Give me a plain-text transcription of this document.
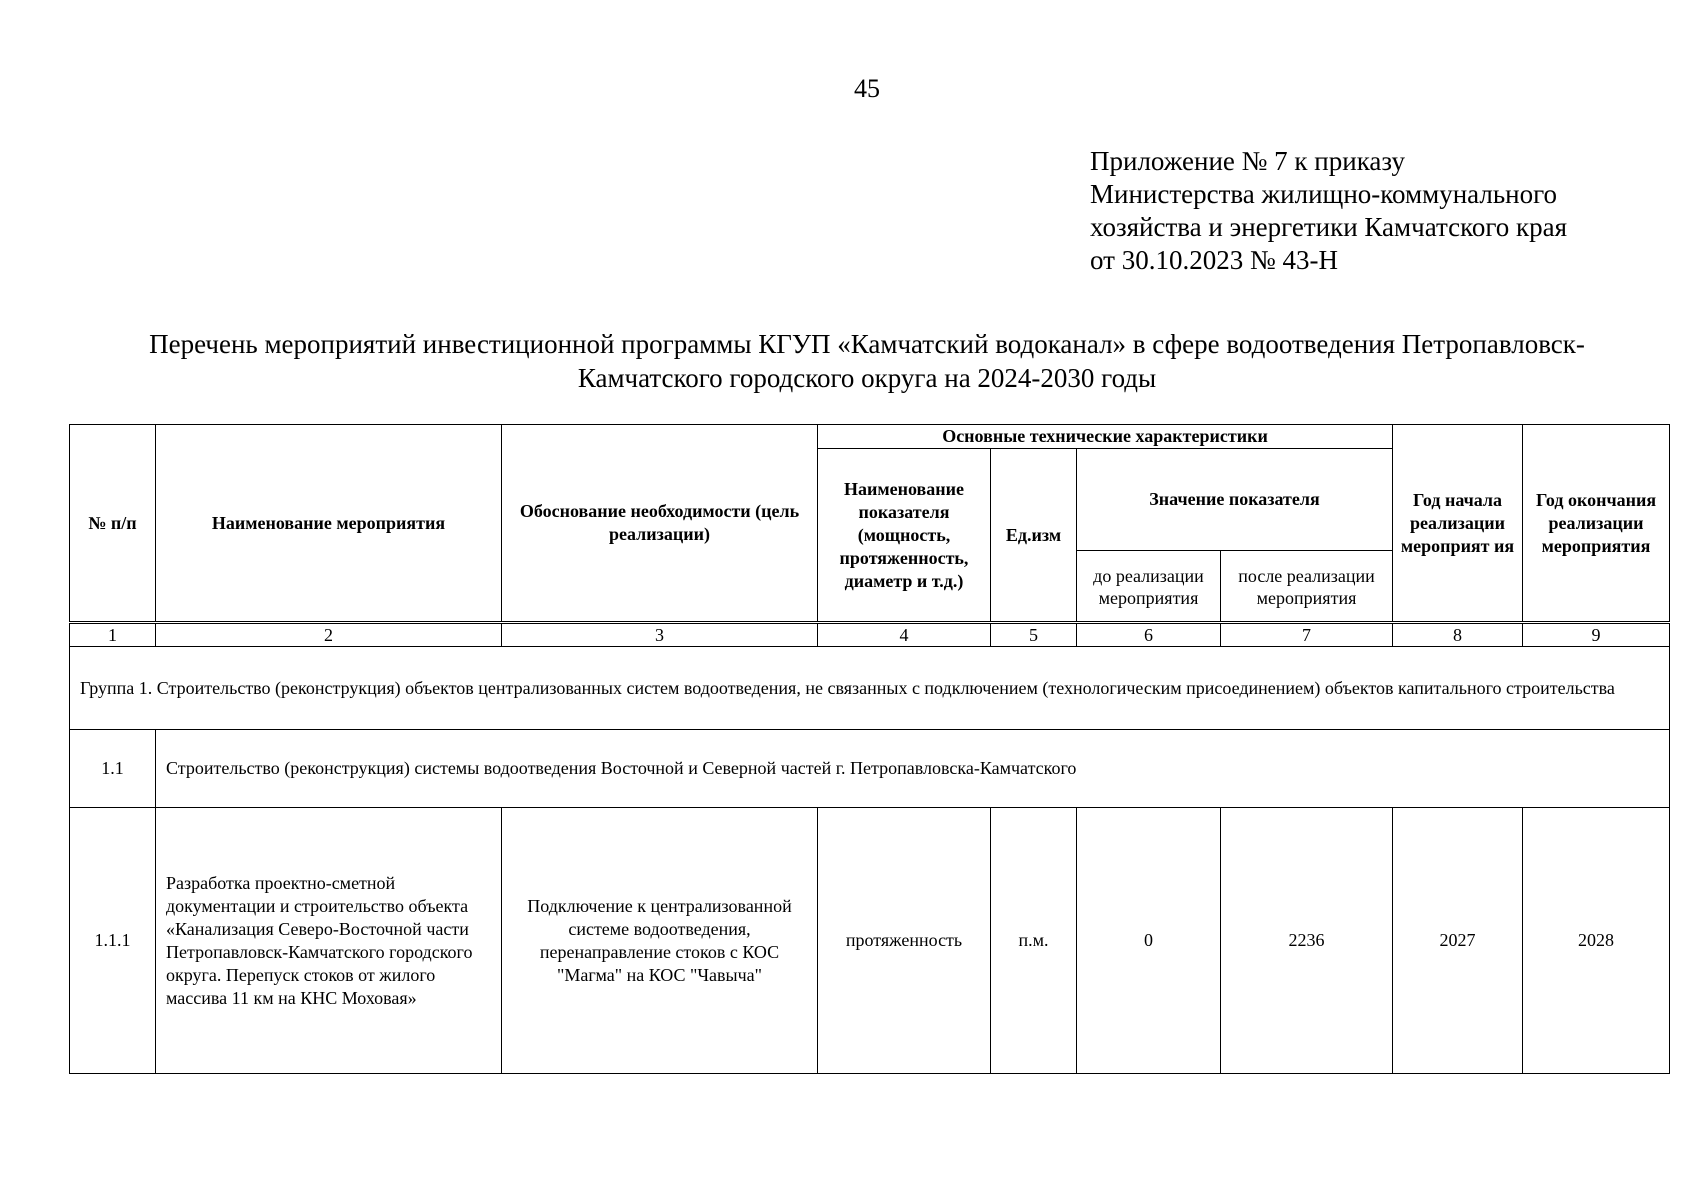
45
Приложение № 7 к приказу
Министерства жилищно-коммунального
хозяйства и энергетики Камчатского края
от 30.10.2023 № 43-Н
Перечень мероприятий инвестиционной программы КГУП «Камчатский водоканал» в сфере водоотведения Петропавловск-
Камчатского городского округа на 2024-2030 годы
№ п/п	Наименование мероприятия	Обоснование необходимости (цель реализации)	Основные технические характеристики				Год начала реализации мероприят ия	Год окончания реализации мероприятия
			Наименование показателя (мощность, протяженность, диаметр и т.д.)	Ед.изм	Значение показателя			
					до реализации мероприятия	после реализации мероприятия		
1	2	3	4	5	6	7	8	9
Группа 1. Строительство (реконструкция) объектов централизованных систем водоотведения, не связанных с подключением (технологическим присоединением) объектов капитального строительства								
1.1	Строительство (реконструкция) системы водоотведения Восточной и Северной частей г. Петропавловска-Камчатского							
1.1.1	Разработка проектно-сметной документации и строительство объекта «Канализация Северо-Восточной части Петропавловск-Камчатского городского округа. Перепуск стоков от жилого массива 11 км на КНС Моховая»	Подключение к централизованной системе водоотведения, перенаправление стоков с КОС "Магма" на КОС "Чавыча"	протяженность	п.м.	0	2236	2027	2028
